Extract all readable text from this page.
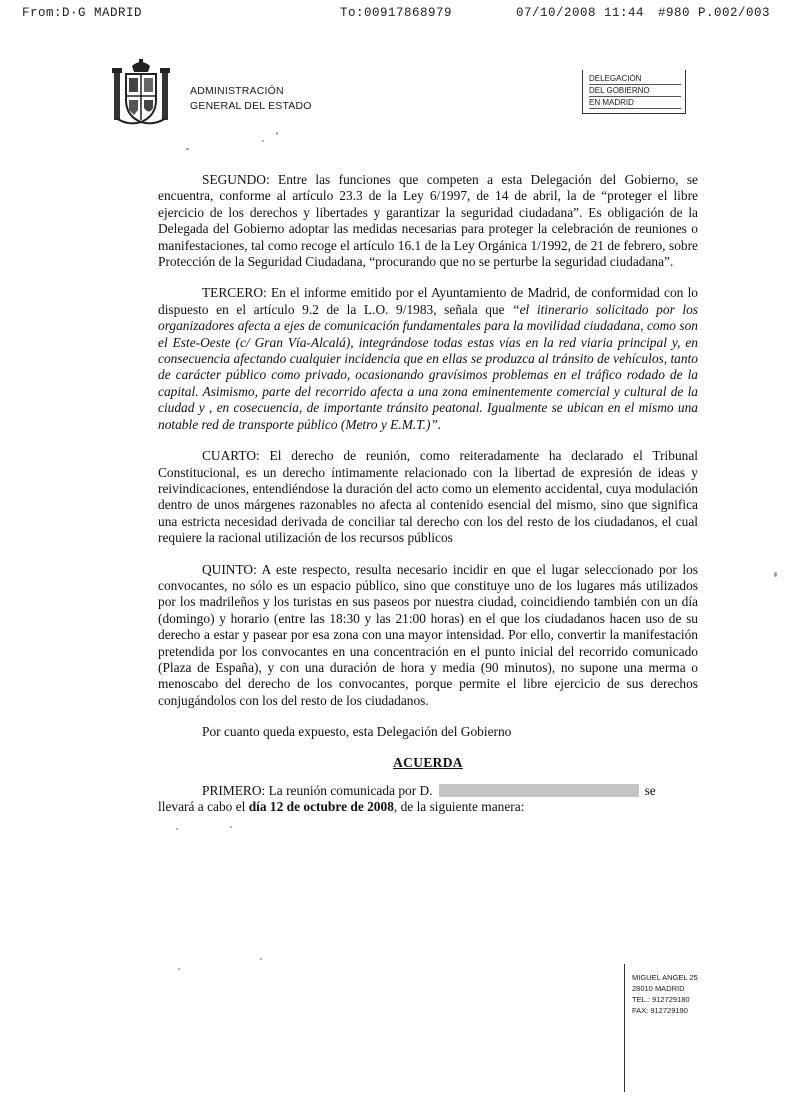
From:D·G MADRID	To:00917868979	07/10/2008 11:44 #980 P.002/003
ADMINISTRACIÓN
GENERAL DEL ESTADO
DELEGACIÓN
DEL GOBIERNO
EN MADRID

SEGUNDO: Entre las funciones que competen a esta Delegación del Gobierno, se encuentra, conforme al artículo 23.3 de la Ley 6/1997, de 14 de abril, la de “proteger el libre ejercicio de los derechos y libertades y garantizar la seguridad ciudadana”. Es obligación de la Delegada del Gobierno adoptar las medidas necesarias para proteger la celebración de reuniones o manifestaciones, tal como recoge el artículo 16.1 de la Ley Orgánica 1/1992, de 21 de febrero, sobre Protección de la Seguridad Ciudadana, “procurando que no se perturbe la seguridad ciudadana”.

TERCERO: En el informe emitido por el Ayuntamiento de Madrid, de conformidad con lo dispuesto en el artículo 9.2 de la L.O. 9/1983, señala que “el itinerario solicitado por los organizadores afecta a ejes de comunicación fundamentales para la movilidad ciudadana, como son el Este-Oeste (c/ Gran Vía-Alcalá), integrándose todas estas vías en la red viaria principal y, en consecuencia afectando cualquier incidencia que en ellas se produzca al tránsito de vehículos, tanto de carácter público como privado, ocasionando gravísimos problemas en el tráfico rodado de la capital. Asimismo, parte del recorrido afecta a una zona eminentemente comercial y cultural de la ciudad y , en cosecuencia, de importante tránsito peatonal. Igualmente se ubican en el mismo una notable red de transporte público (Metro y E.M.T.)”.

CUARTO: El derecho de reunión, como reiteradamente ha declarado el Tribunal Constitucional, es un derecho íntimamente relacionado con la libertad de expresión de ideas y reivindicaciones, entendiéndose la duración del acto como un elemento accidental, cuya modulación dentro de unos márgenes razonables no afecta al contenido esencial del mismo, sino que significa una estricta necesidad derivada de conciliar tal derecho con los del resto de los ciudadanos, el cual requiere la racional utilización de los recursos públicos

QUINTO: A este respecto, resulta necesario incidir en que el lugar seleccionado por los convocantes, no sólo es un espacio público, sino que constituye uno de los lugares más utilizados por los madrileños y los turistas en sus paseos por nuestra ciudad, coincidiendo también con un día (domingo) y horario (entre las 18:30 y las 21:00 horas) en el que los ciudadanos hacen uso de su derecho a estar y pasear por esa zona con una mayor intensidad. Por ello, convertir la manifestación pretendida por los convocantes en una concentración en el punto inicial del recorrido comunicado (Plaza de España), y con una duración de hora y media (90 minutos), no supone una merma o menoscabo del derecho de los convocantes, porque permite el libre ejercicio de sus derechos conjugándolos con los del resto de los ciudadanos.

Por cuanto queda expuesto, esta Delegación del Gobierno

ACUERDA

PRIMERO: La reunión comunicada por D.	se
llevará a cabo el día 12 de octubre de 2008, de la siguiente manera:

MIGUEL ANGEL 25
28010 MADRID
TEL.: 912729180
FAX: 912729190
